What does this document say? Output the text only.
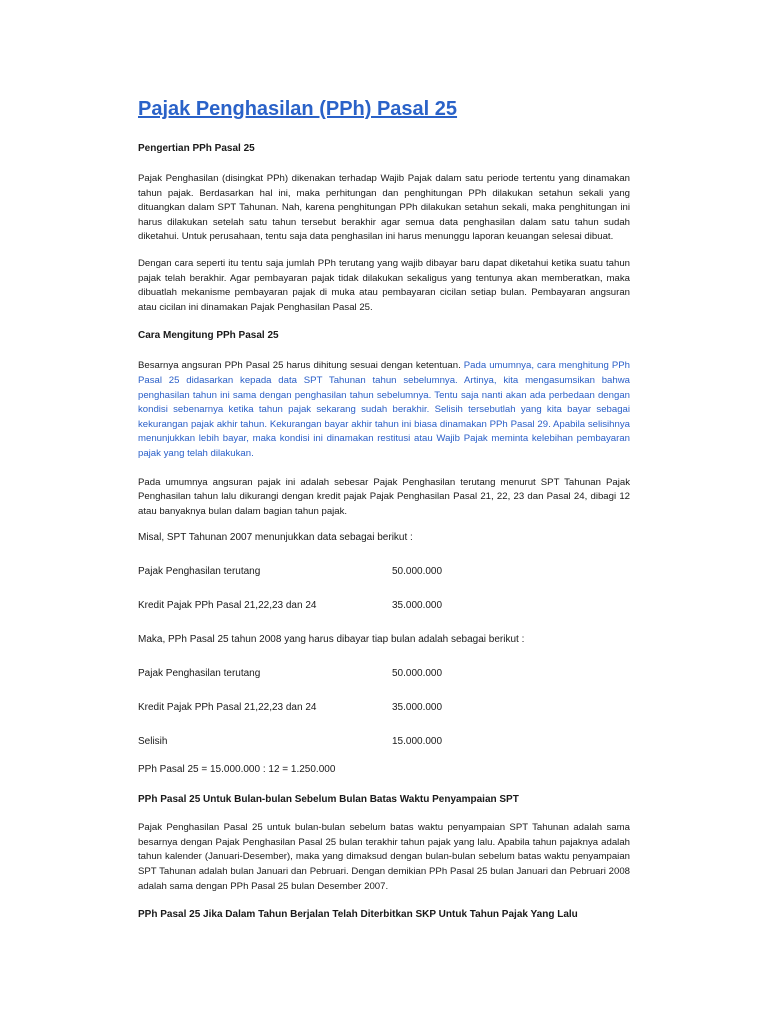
Pajak Penghasilan (PPh) Pasal 25
Pengertian PPh Pasal 25

Pajak Penghasilan (disingkat PPh) dikenakan terhadap Wajib Pajak dalam satu periode tertentu yang dinamakan tahun pajak. Berdasarkan hal ini, maka perhitungan dan penghitungan PPh dilakukan setahun sekali yang dituangkan dalam SPT Tahunan. Nah, karena penghitungan PPh dilakukan setahun sekali, maka penghitungan ini harus dilakukan setelah satu tahun tersebut berakhir agar semua data penghasilan dalam satu tahun sudah diketahui. Untuk perusahaan, tentu saja data penghasilan ini harus menunggu laporan keuangan selesai dibuat.

Dengan cara seperti itu tentu saja jumlah PPh terutang yang wajib dibayar baru dapat diketahui ketika suatu tahun pajak telah berakhir. Agar pembayaran pajak tidak dilakukan sekaligus yang tentunya akan memberatkan, maka dibuatlah mekanisme pembayaran pajak di muka atau pembayaran cicilan setiap bulan. Pembayaran angsuran atau cicilan ini dinamakan Pajak Penghasilan Pasal 25.

Cara Mengitung PPh Pasal 25

Besarnya angsuran PPh Pasal 25 harus dihitung sesuai dengan ketentuan. Pada umumnya, cara menghitung PPh Pasal 25 didasarkan kepada data SPT Tahunan tahun sebelumnya. Artinya, kita mengasumsikan bahwa penghasilan tahun ini sama dengan penghasilan tahun sebelumnya. Tentu saja nanti akan ada perbedaan dengan kondisi sebenarnya ketika tahun pajak sekarang sudah berakhir. Selisih tersebutlah yang kita bayar sebagai kekurangan pajak akhir tahun. Kekurangan bayar akhir tahun ini biasa dinamakan PPh Pasal 29. Apabila selisihnya menunjukkan lebih bayar, maka kondisi ini dinamakan restitusi atau Wajib Pajak meminta kelebihan pembayaran pajak yang telah dilakukan.

Pada umumnya angsuran pajak ini adalah sebesar Pajak Penghasilan terutang menurut SPT Tahunan Pajak Penghasilan tahun lalu dikurangi dengan kredit pajak Pajak Penghasilan Pasal 21, 22, 23 dan Pasal 24, dibagi 12 atau banyaknya bulan dalam bagian tahun pajak.

Misal, SPT Tahunan 2007 menunjukkan data sebagai berikut :
Pajak Penghasilan terutang	50.000.000
Kredit Pajak PPh Pasal 21,22,23 dan 24	35.000.000
Maka, PPh Pasal 25 tahun 2008 yang harus dibayar tiap bulan adalah sebagai berikut :
Pajak Penghasilan terutang	50.000.000
Kredit Pajak PPh Pasal 21,22,23 dan 24	35.000.000
Selisih	15.000.000
PPh Pasal 25 = 15.000.000 : 12 = 1.250.000
PPh Pasal 25 Untuk Bulan-bulan Sebelum Bulan Batas Waktu Penyampaian SPT

Pajak Penghasilan Pasal 25 untuk bulan-bulan sebelum batas waktu penyampaian SPT Tahunan adalah sama besarnya dengan Pajak Penghasilan Pasal 25 bulan terakhir tahun pajak yang lalu. Apabila tahun pajaknya adalah tahun kalender (Januari-Desember), maka yang dimaksud dengan bulan-bulan sebelum batas waktu penyampaian SPT Tahunan adalah bulan Januari dan Pebruari. Dengan demikian PPh Pasal 25 bulan Januari dan Pebruari 2008 adalah sama dengan PPh Pasal 25 bulan Desember 2007.

PPh Pasal 25 Jika Dalam Tahun Berjalan Telah Diterbitkan SKP Untuk Tahun Pajak Yang Lalu
